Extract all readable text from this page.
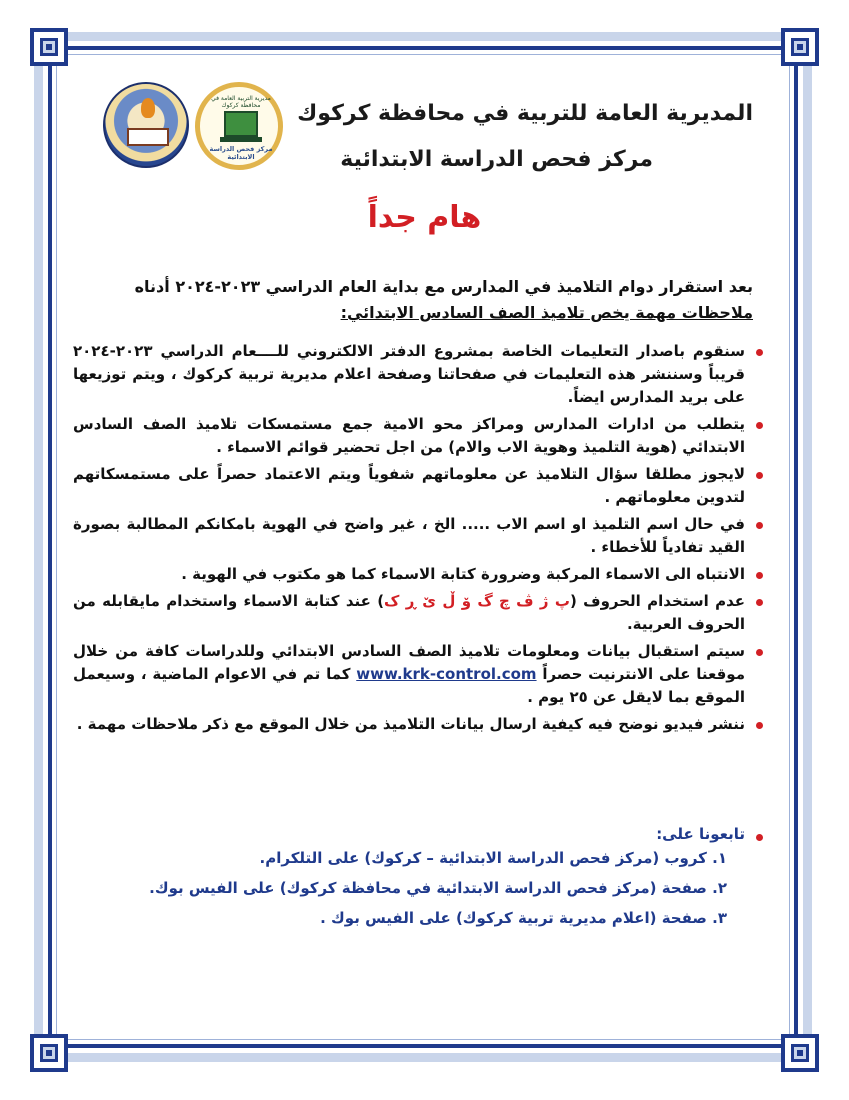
مديرية التربية العامة في محافظة كركوك
مركز فحص الدراسة الابتدائية
المديرية العامة للتربية في محافظة كركوك
مركز فحص الدراسة الابتدائية
هام جداً
بعد استقرار دوام التلاميذ في المدارس مع بداية العام الدراسي ٢٠٢٣-٢٠٢٤ أدناه
ملاحظات مهمة يخص تلاميذ الصف السادس الابتدائي:
سنقوم باصدار التعليمات الخاصة بمشروع الدفتر الالكتروني للــــعام الدراسي ٢٠٢٣-٢٠٢٤ قريباً وسننشر هذه التعليمات في صفحاتنا وصفحة اعلام مديرية تربية كركوك ، ويتم توزيعها على بريد المدارس ايضاً.
يتطلب من ادارات المدارس ومراكز محو الامية جمع مستمسكات تلاميذ الصف السادس الابتدائي (هوية التلميذ وهوية الاب والام) من اجل تحضير قوائم الاسماء .
لايجوز مطلقا سؤال التلاميذ عن معلوماتهم شفوياً ويتم الاعتماد حصراً على مستمسكاتهم لتدوين معلوماتهم .
في حال اسم التلميذ او اسم الاب ..... الخ ، غير واضح في الهوية بامكانكم المطالبة بصورة القيد تفادياً للأخطاء .
الانتباه الى الاسماء المركبة وضرورة كتابة الاسماء كما هو مكتوب في الهوية .
عدم استخدام الحروف (پ ژ ڤ چ گ ۆ ڵ ێ ڕ ک) عند كتابة الاسماء واستخدام مايقابله من الحروف العربية.
سيتم استقبال بيانات ومعلومات تلاميذ الصف السادس الابتدائي وللدراسات كافة من خلال موقعنا على الانترنيت حصراً www.krk-control.com كما تم في الاعوام الماضية ، وسيعمل الموقع بما لايقل عن ٢٥ يوم .
ننشر فيديو نوضح فيه كيفية ارسال بيانات التلاميذ من خلال الموقع مع ذكر ملاحظات مهمة .
تابعونا على:
١. كروب (مركز فحص الدراسة الابتدائية – كركوك) على التلكرام.
٢. صفحة (مركز فحص الدراسة الابتدائية في محافظة كركوك) على الفيس بوك.
٣. صفحة (اعلام مديرية تربية كركوك) على الفيس بوك .
